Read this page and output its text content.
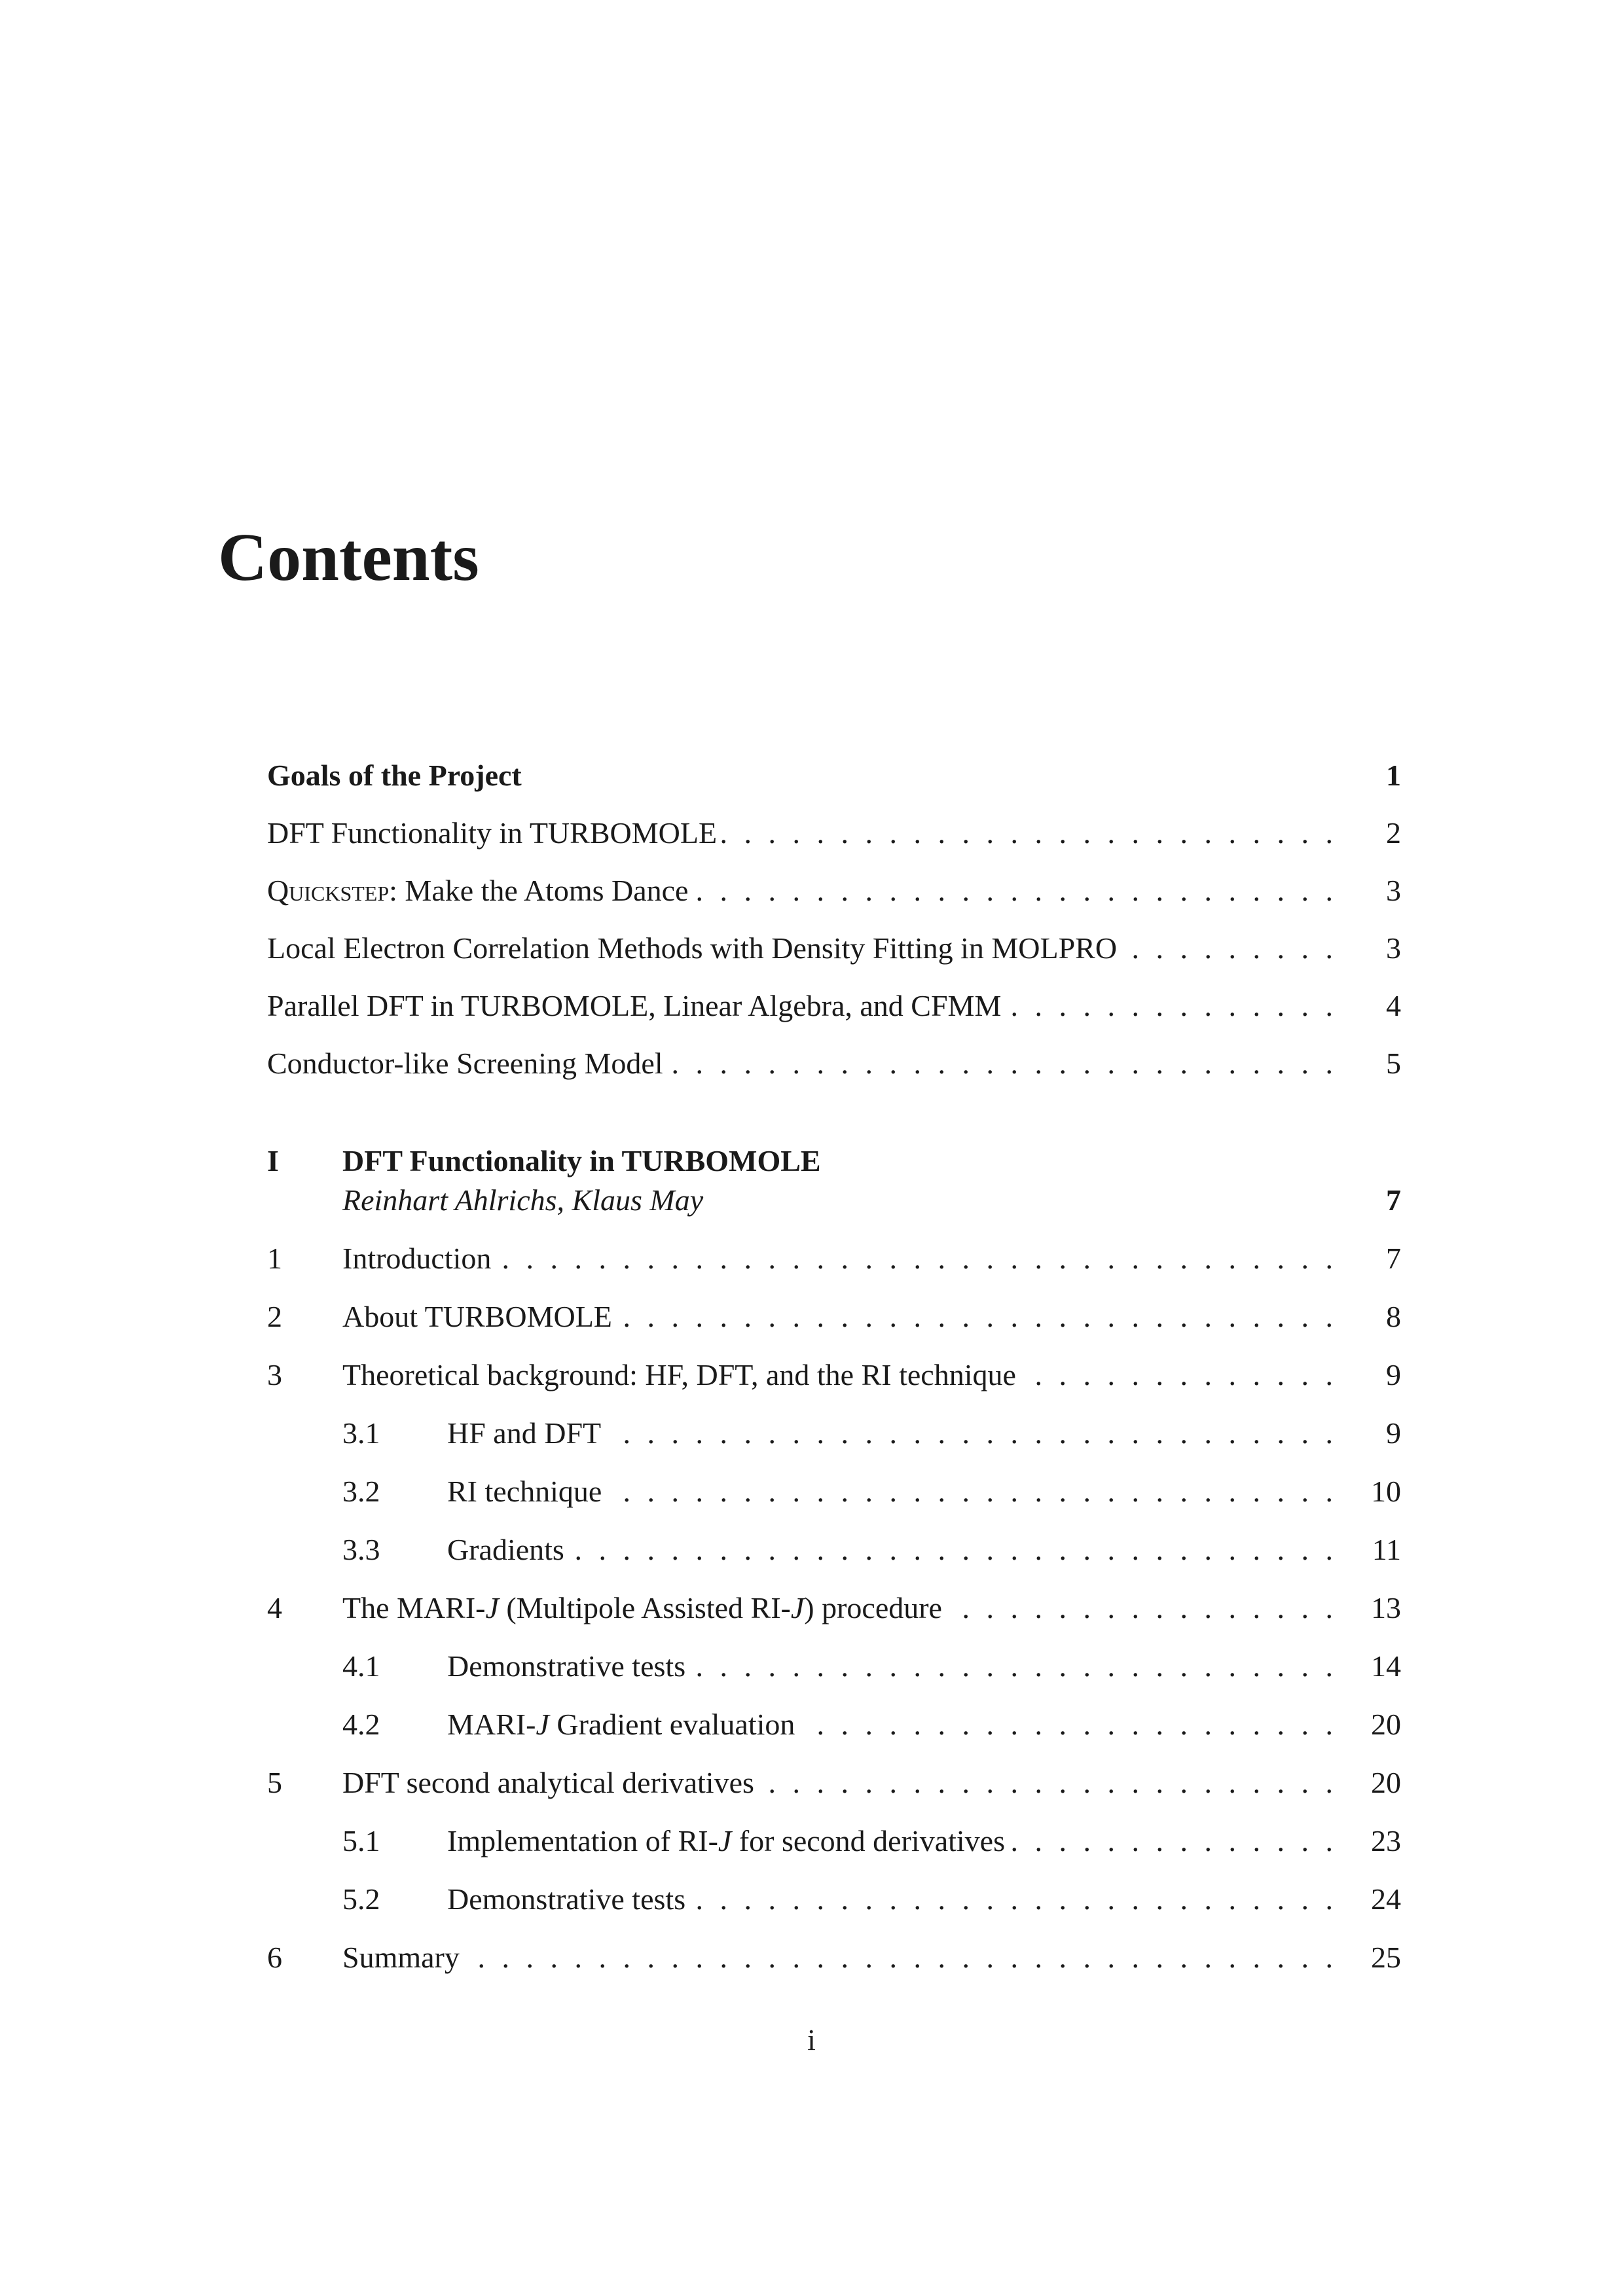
Contents
Goals of the Project	1
DFT Functionality in TURBOMOLE . . .	2
Quickstep: Make the Atoms Dance . . .	3
Local Electron Correlation Methods with Density Fitting in MOLPRO . . .	3
Parallel DFT in TURBOMOLE, Linear Algebra, and CFMM . . .	4
Conductor-like Screening Model . . .	5
I DFT Functionality in TURBOMOLE
Reinhart Ahlrichs, Klaus May	7
1	Introduction . . .	7
2	About TURBOMOLE . . .	8
3	Theoretical background: HF, DFT, and the RI technique . . .	9
3.1	HF and DFT . . .	9
3.2	RI technique . . .	10
3.3	Gradients . . .	11
4	The MARI-J (Multipole Assisted RI-J) procedure . . .	13
4.1	Demonstrative tests . . .	14
4.2	MARI-J Gradient evaluation . . .	20
5	DFT second analytical derivatives . . .	20
5.1	Implementation of RI-J for second derivatives . . .	23
5.2	Demonstrative tests . . .	24
6	Summary . . .	25
i
